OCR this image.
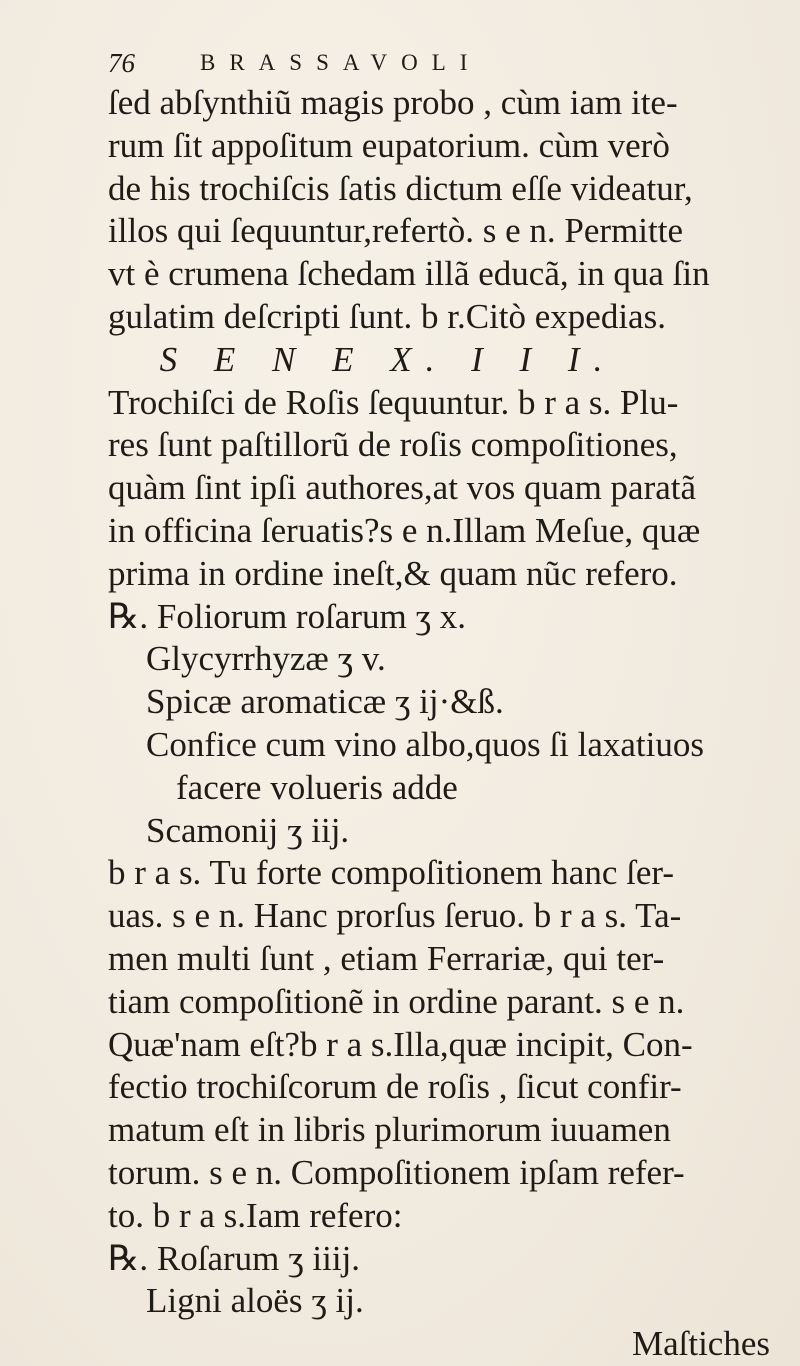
76	BRASSAVOLI
ſed abſynthiũ magis probo , cùm iam ite-
rum ſit appoſitum eupatorium. cùm verò
de his trochiſcis ſatis dictum eſſe videatur,
illos qui ſequuntur,refertò. s e n. Permitte
vt è crumena ſchedam illã educã, in qua ſin
gulatim deſcripti ſunt. b r.Citò expedias.
S E N E X. I I I.
Trochiſci de Roſis ſequuntur. b r a s. Plu-
res ſunt paſtillorũ de roſis compoſitiones,
quàm ſint ipſi authores,at vos quam paratã
in officina ſeruatis?s e n.Illam Meſue, quæ
prima in ordine ineſt,& quam nũc refero.
℞. Foliorum roſarum ʒ x.
Glycyrrhyzæ ʒ v.
Spicæ aromaticæ ʒ ij·&ß.
Confice cum vino albo,quos ſi laxatiuos
facere volueris adde
Scamonij ʒ iij.
b r a s. Tu forte compoſitionem hanc ſer-
uas. s e n. Hanc prorſus ſeruo. b r a s. Ta-
men multi ſunt , etiam Ferrariæ, qui ter-
tiam compoſitionẽ in ordine parant. s e n.
Quæ'nam eſt?b r a s.Illa,quæ incipit, Con-
fectio trochiſcorum de roſis , ſicut confir-
matum eſt in libris plurimorum iuuamen
torum. s e n. Compoſitionem ipſam refer-
to. b r a s.Iam refero:
℞. Roſarum ʒ iiij.
Ligni aloës ʒ ij.
Maſtiches
